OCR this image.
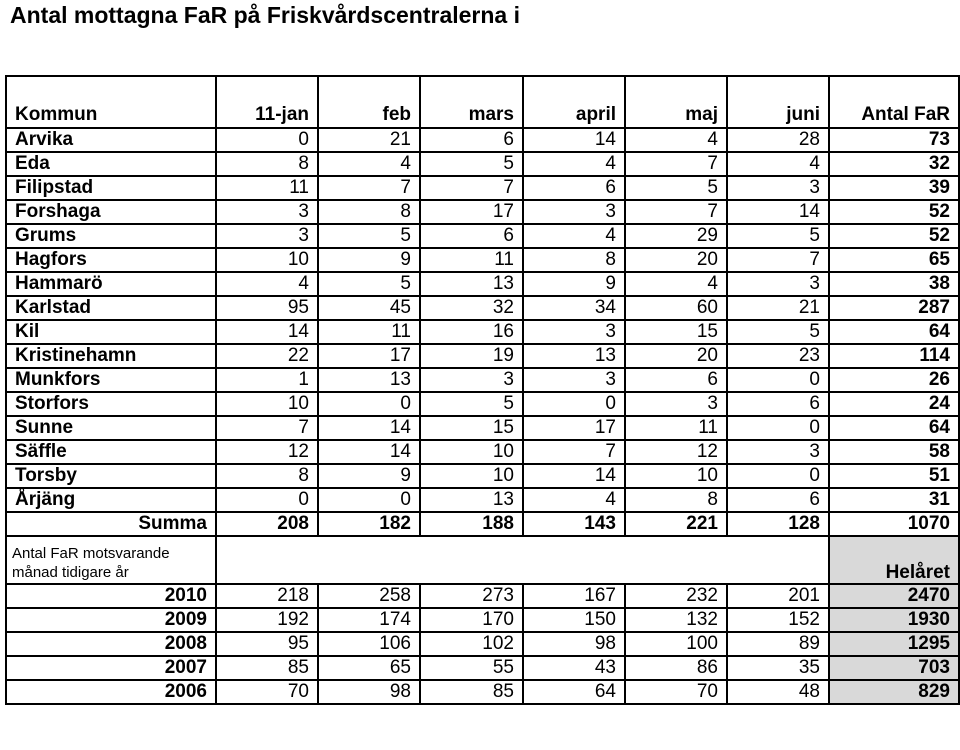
Antal mottagna FaR på Friskvårdscentralerna i
Kommun	11-jan	feb	mars	april	maj	juni	Antal FaR
Arvika	0	21	6	14	4	28	73
Eda	8	4	5	4	7	4	32
Filipstad	11	7	7	6	5	3	39
Forshaga	3	8	17	3	7	14	52
Grums	3	5	6	4	29	5	52
Hagfors	10	9	11	8	20	7	65
Hammarö	4	5	13	9	4	3	38
Karlstad	95	45	32	34	60	21	287
Kil	14	11	16	3	15	5	64
Kristinehamn	22	17	19	13	20	23	114
Munkfors	1	13	3	3	6	0	26
Storfors	10	0	5	0	3	6	24
Sunne	7	14	15	17	11	0	64
Säffle	12	14	10	7	12	3	58
Torsby	8	9	10	14	10	0	51
Årjäng	0	0	13	4	8	6	31
Summa	208	182	188	143	221	128	1070
Antal FaR motsvarande månad tidigare år							Helåret
2010	218	258	273	167	232	201	2470
2009	192	174	170	150	132	152	1930
2008	95	106	102	98	100	89	1295
2007	85	65	55	43	86	35	703
2006	70	98	85	64	70	48	829
